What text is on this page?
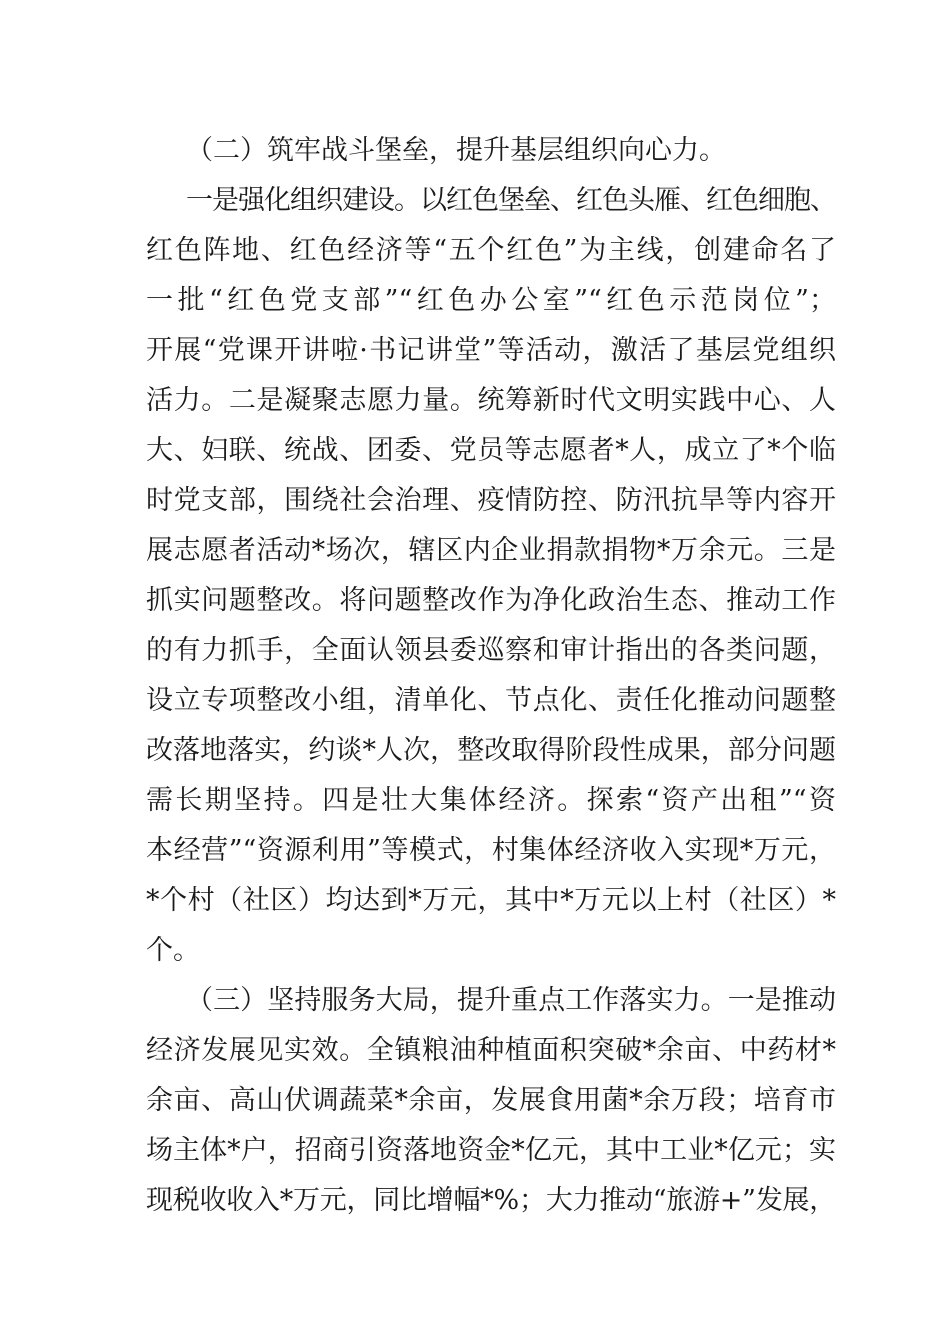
（二）筑牢战斗堡垒，提升基层组织向心力。
一是强化组织建设。以红色堡垒、红色头雁、红色细胞、
红色阵地、红色经济等“五个红色”为主线，创建命名了
一批“红色党支部”“红色办公室”“红色示范岗位”；
开展“党课开讲啦·书记讲堂”等活动，激活了基层党组织
活力。二是凝聚志愿力量。统筹新时代文明实践中心、人
大、妇联、统战、团委、党员等志愿者*人，成立了*个临
时党支部，围绕社会治理、疫情防控、防汛抗旱等内容开
展志愿者活动*场次，辖区内企业捐款捐物*万余元。三是
抓实问题整改。将问题整改作为净化政治生态、推动工作
的有力抓手，全面认领县委巡察和审计指出的各类问题，
设立专项整改小组，清单化、节点化、责任化推动问题整
改落地落实，约谈*人次，整改取得阶段性成果，部分问题
需长期坚持。四是壮大集体经济。探索“资产出租”“资
本经营”“资源利用”等模式，村集体经济收入实现*万元，
*个村（社区）均达到*万元，其中*万元以上村（社区）*
个。
（三）坚持服务大局，提升重点工作落实力。一是推动
经济发展见实效。全镇粮油种植面积突破*余亩、中药材*
余亩、高山伏调蔬菜*余亩，发展食用菌*余万段；培育市
场主体*户，招商引资落地资金*亿元，其中工业*亿元；实
现税收收入*万元，同比增幅*%；大力推动“旅游+”发展，
